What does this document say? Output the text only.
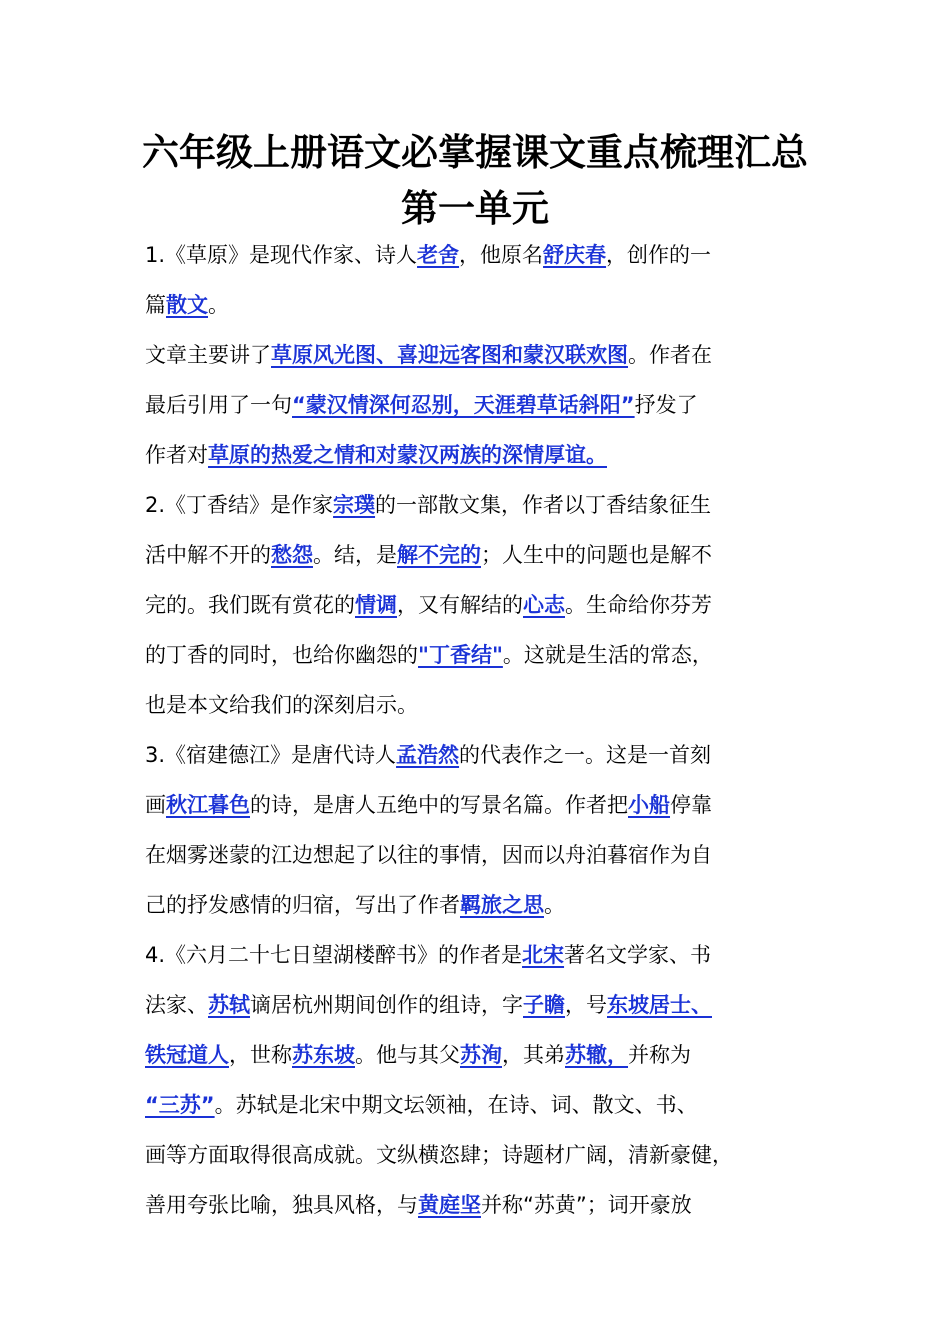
六年级上册语文必掌握课文重点梳理汇总
第一单元
1.《草原》是现代作家、诗人老舍，他原名舒庆春，创作的一
篇散文。
文章主要讲了草原风光图、喜迎远客图和蒙汉联欢图。作者在
最后引用了一句“蒙汉情深何忍别，天涯碧草话斜阳”抒发了
作者对草原的热爱之情和对蒙汉两族的深情厚谊。
2.《丁香结》是作家宗璞的一部散文集，作者以丁香结象征生
活中解不开的愁怨。结，是解不完的；人生中的问题也是解不
完的。我们既有赏花的情调，又有解结的心志。生命给你芬芳
的丁香的同时，也给你幽怨的"丁香结"。这就是生活的常态，
也是本文给我们的深刻启示。
3.《宿建德江》是唐代诗人孟浩然的代表作之一。这是一首刻
画秋江暮色的诗，是唐人五绝中的写景名篇。作者把小船停靠
在烟雾迷蒙的江边想起了以往的事情，因而以舟泊暮宿作为自
己的抒发感情的归宿，写出了作者羁旅之思。
4.《六月二十七日望湖楼醉书》的作者是北宋著名文学家、书
法家、苏轼谪居杭州期间创作的组诗，字子瞻，号东坡居士、
铁冠道人，世称苏东坡。他与其父苏洵，其弟苏辙，并称为
“三苏”。苏轼是北宋中期文坛领袖，在诗、词、散文、书、
画等方面取得很高成就。文纵横恣肆；诗题材广阔，清新豪健，
善用夸张比喻，独具风格，与黄庭坚并称“苏黄”；词开豪放
